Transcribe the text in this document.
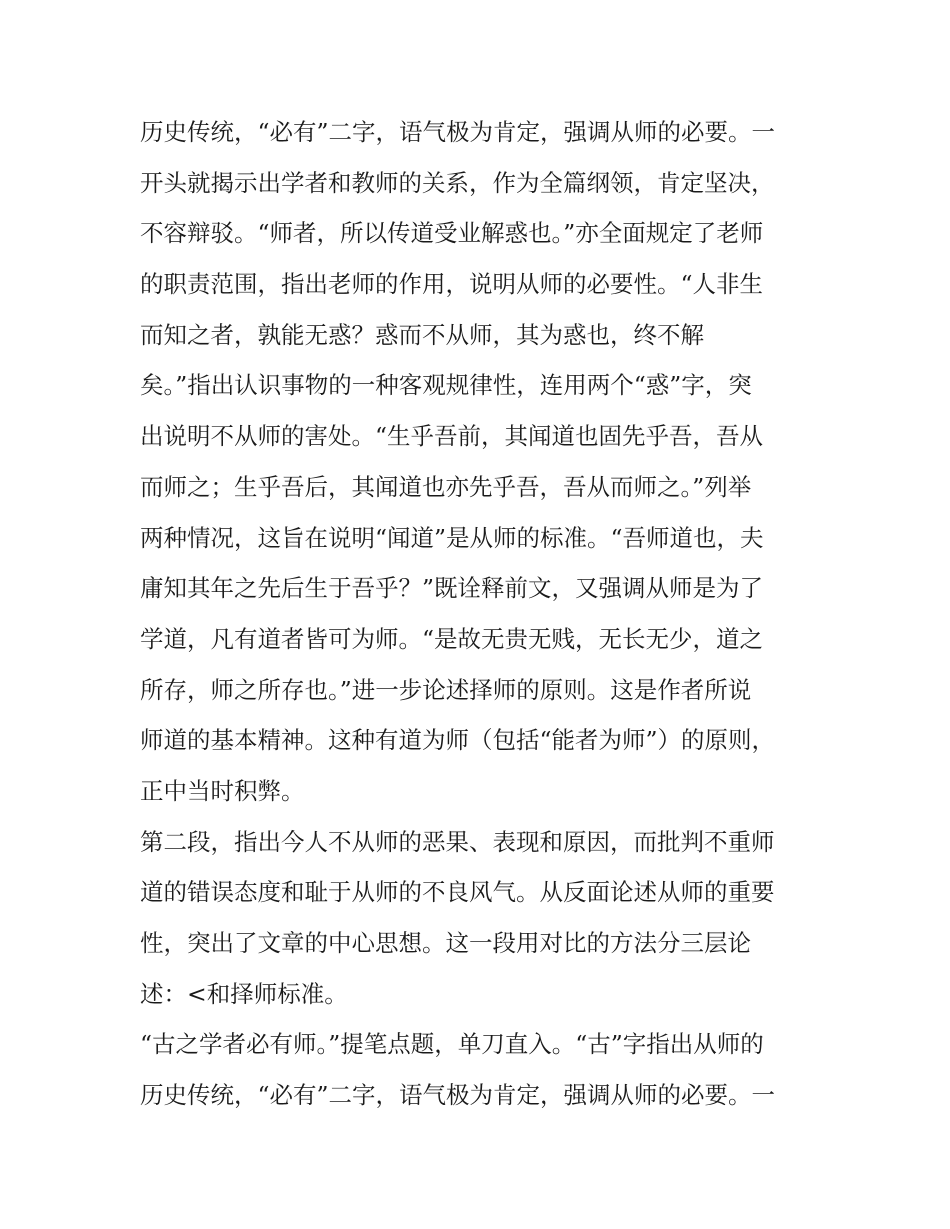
历史传统，“必有”二字，语气极为肯定，强调从师的必要。一
开头就揭示出学者和教师的关系，作为全篇纲领，肯定坚决，
不容辩驳。“师者，所以传道受业解惑也。”亦全面规定了老师
的职责范围，指出老师的作用，说明从师的必要性。“人非生
而知之者，孰能无惑？惑而不从师，其为惑也，终不解
矣。”指出认识事物的一种客观规律性，连用两个“惑”字，突
出说明不从师的害处。“生乎吾前，其闻道也固先乎吾，吾从
而师之；生乎吾后，其闻道也亦先乎吾，吾从而师之。”列举
两种情况，这旨在说明“闻道”是从师的标准。“吾师道也，夫
庸知其年之先后生于吾乎？”既诠释前文，又强调从师是为了
学道，凡有道者皆可为师。“是故无贵无贱，无长无少，道之
所存，师之所存也。”进一步论述择师的原则。这是作者所说
师道的基本精神。这种有道为师（包括“能者为师”）的原则，
正中当时积弊。
第二段，指出今人不从师的恶果、表现和原因，而批判不重师
道的错误态度和耻于从师的不良风气。从反面论述从师的重要
性，突出了文章的中心思想。这一段用对比的方法分三层论
述：<和择师标准。
“古之学者必有师。”提笔点题，单刀直入。“古”字指出从师的
历史传统，“必有”二字，语气极为肯定，强调从师的必要。一
